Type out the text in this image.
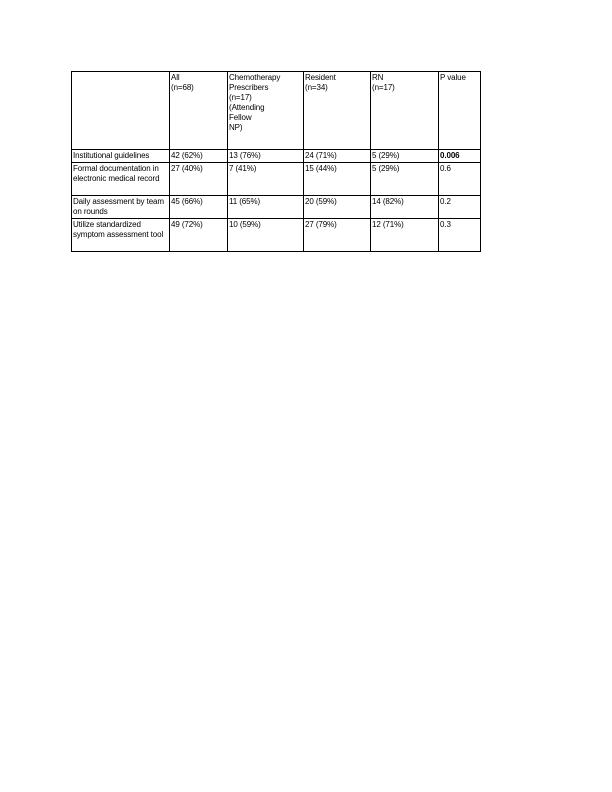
	All
(n=68)	Chemotherapy Prescribers
(n=17)
(Attending
Fellow
NP)	Resident
(n=34)	RN
(n=17)	P value
Institutional guidelines	42 (62%)	13 (76%)	24 (71%)	5 (29%)	0.006
Formal documentation in electronic medical record	27 (40%)	7 (41%)	15 (44%)	5 (29%)	0.6
Daily assessment by team on rounds	45 (66%)	11 (65%)	20 (59%)	14 (82%)	0.2
Utilize standardized symptom assessment tool	49 (72%)	10 (59%)	27 (79%)	12 (71%)	0.3
